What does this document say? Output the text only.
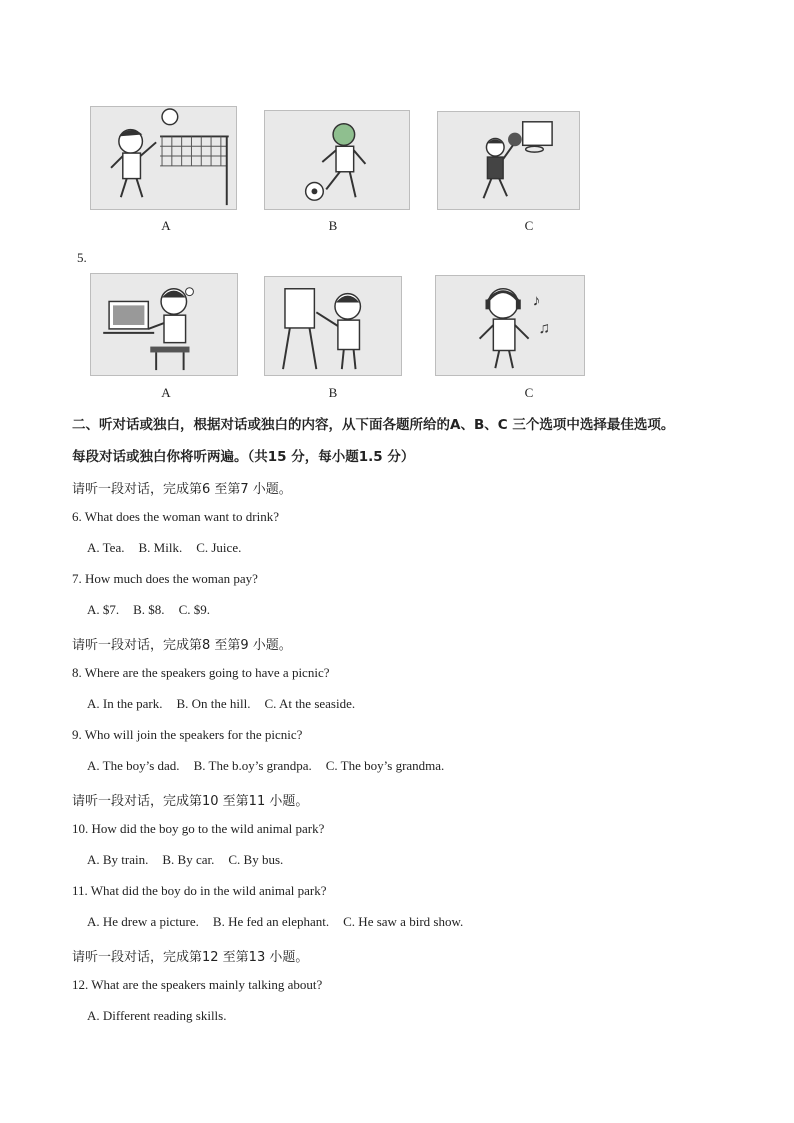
A	B	C
5.
♪
♫
A	B	C
二、听对话或独白，根据对话或独白的内容，从下面各题所给的A、B、C 三个选项中选择最佳选项。
每段对话或独白你将听两遍。（共15 分，每小题1.5 分）
请听一段对话，完成第6 至第7 小题。
6. What does the woman want to drink?
A. Tea. B. Milk. C. Juice.
7. How much does the woman pay?
A. $7. B. $8. C. $9.
请听一段对话，完成第8 至第9 小题。
8. Where are the speakers going to have a picnic?
A. In the park. B. On the hill. C. At the seaside.
9. Who will join the speakers for the picnic?
A. The boy’s dad. B. The b.oy’s grandpa. C. The boy’s grandma.
请听一段对话，完成第10 至第11 小题。
10. How did the boy go to the wild animal park?
A. By train. B. By car. C. By bus.
11. What did the boy do in the wild animal park?
A. He drew a picture. B. He fed an elephant. C. He saw a bird show.
请听一段对话，完成第12 至第13 小题。
12. What are the speakers mainly talking about?
A. Different reading skills.
